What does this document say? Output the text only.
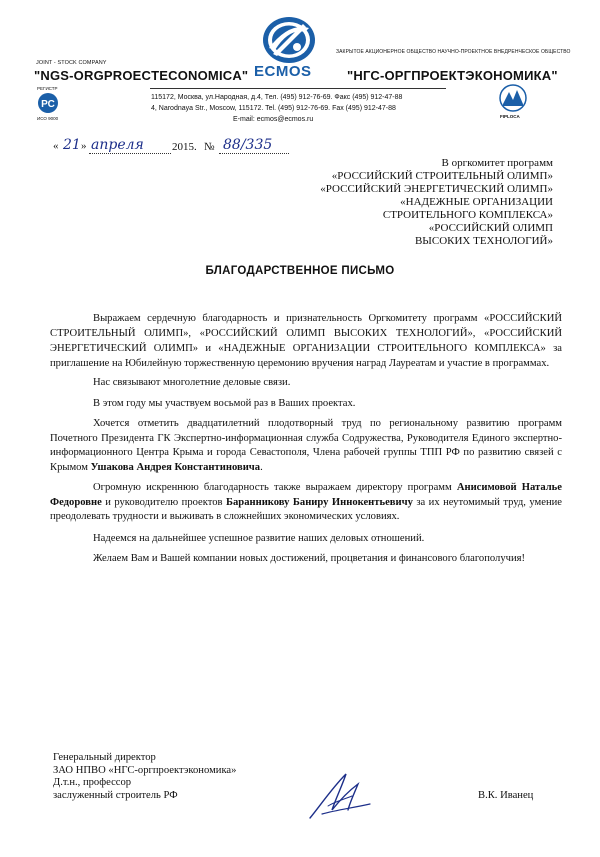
JOINT - STOCK COMPANY
"NGS-ORGPROECTECONOMICA" ECMOS
ЗАКРЫТОЕ АКЦИОНЕРНОЕ ОБЩЕСТВО НАУЧНО-ПРОЕКТНОЕ ВНЕДРЕНЧЕСКОЕ ОБЩЕСТВО
"НГС-ОРГПРОЕКТЭКОНОМИКА"
РЕГИСТР
РС
ИСО 9000	FIPLOCA
115172, Москва, ул.Народная, д.4, Тел. (495) 912-76-69. Факс (495) 912-47-88
4, Narodnaya Str., Moscow, 115172. Tel. (495) 912-76-69. Fax (495) 912-47-88
E-mail: ecmos@ecmos.ru
« 21 » апреля	2015. № 88/335
В оргкомитет программ
«РОССИЙСКИЙ СТРОИТЕЛЬНЫЙ ОЛИМП»
«РОССИЙСКИЙ ЭНЕРГЕТИЧЕСКИЙ ОЛИМП»
«НАДЕЖНЫЕ ОРГАНИЗАЦИИ
СТРОИТЕЛЬНОГО КОМПЛЕКСА»
«РОССИЙСКИЙ ОЛИМП
ВЫСОКИХ ТЕХНОЛОГИЙ»
БЛАГОДАРСТВЕННОЕ ПИСЬМО

Выражаем сердечную благодарность и признательность Оргкомитету программ «РОССИЙСКИЙ СТРОИТЕЛЬНЫЙ ОЛИМП», «РОССИЙСКИЙ ОЛИМП ВЫСОКИХ ТЕХНОЛОГИЙ», «РОССИЙСКИЙ ЭНЕРГЕТИЧЕСКИЙ ОЛИМП» и «НАДЕЖНЫЕ ОРГАНИЗАЦИИ СТРОИТЕЛЬНОГО КОМПЛЕКСА» за приглашение на Юбилейную торжественную церемонию вручения наград Лауреатам и участие в программах.

Нас связывают многолетние деловые связи.

В этом году мы участвуем восьмой раз в Ваших проектах.

Хочется отметить двадцатилетний плодотворный труд по региональному развитию программ Почетного Президента ГК Экспертно-информационная служба Содружества, Руководителя Единого экспертно-информационного Центра Крыма и города Севастополя, Члена рабочей группы ТПП РФ по развитию связей с Крымом Ушакова Андрея Константиновича.

Огромную искреннюю благодарность также выражаем директору программ Анисимовой Наталье Федоровне и руководителю проектов Баранникову Баниру Иннокентьевичу за их неутомимый труд, умение преодолевать трудности и выживать в сложнейших экономических условиях.

Надеемся на дальнейшее успешное развитие наших деловых отношений.

Желаем Вам и Вашей компании новых достижений, процветания и финансового благополучия!

Генеральный директор
ЗАО НПВО «НГС-оргпроектэкономика»
Д.т.н., профессор
заслуженный строитель РФ	В.К. Иванец
